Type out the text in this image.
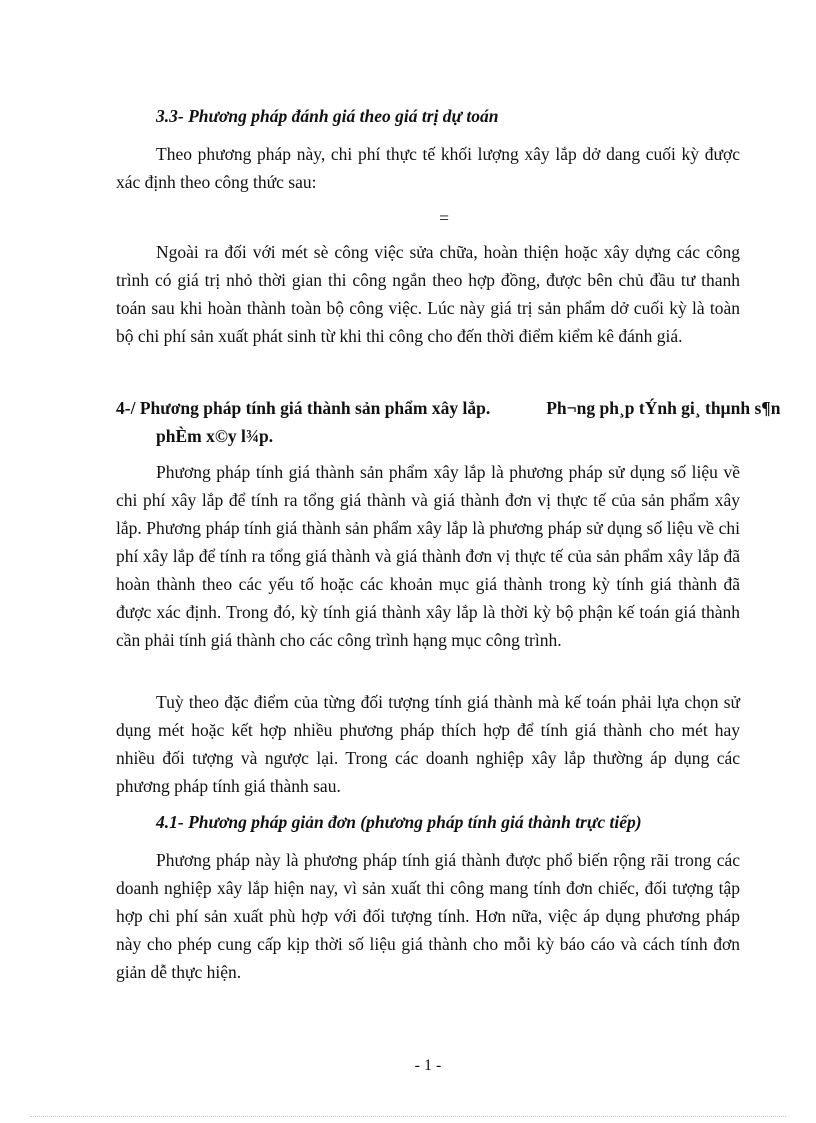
3.3- Phương pháp đánh giá theo giá trị dự toán

Theo phương pháp này, chi phí thực tế khối lượng xây lắp dở dang cuối kỳ được xác định theo công thức sau:

=

Ngoài ra đối với mét sè công việc sửa chữa, hoàn thiện hoặc xây dựng các công trình có giá trị nhỏ thời gian thi công ngắn theo hợp đồng, được bên chủ đầu tư thanh toán sau khi hoàn thành toàn bộ công việc. Lúc này giá trị sản phẩm dở cuối kỳ là toàn bộ chi phí sản xuất phát sinh từ khi thi công cho đến thời điểm kiểm kê đánh giá.

4-/ Phương pháp tính giá thành sản phẩm xây lắp.	Ph¬ng ph¸p tÝnh gi¸ thµnh s¶n phÈm x©y l¾p.

Phương pháp tính giá thành sản phẩm xây lắp là phương pháp sử dụng số liệu về chi phí xây lắp để tính ra tổng giá thành và giá thành đơn vị thực tế của sản phẩm xây lắp. Phương pháp tính giá thành sản phẩm xây lắp là phương pháp sử dụng số liệu về chi phí xây lắp để tính ra tổng giá thành và giá thành đơn vị thực tế của sản phẩm xây lắp đã hoàn thành theo các yếu tố hoặc các khoản mục giá thành trong kỳ tính giá thành đã được xác định. Trong đó, kỳ tính giá thành xây lắp là thời kỳ bộ phận kế toán giá thành cần phải tính giá thành cho các công trình hạng mục công trình.

Tuỳ theo đặc điểm của từng đối tượng tính giá thành mà kế toán phải lựa chọn sử dụng mét hoặc kết hợp nhiều phương pháp thích hợp để tính giá thành cho mét hay nhiều đối tượng và ngược lại. Trong các doanh nghiệp xây lắp thường áp dụng các phương pháp tính giá thành sau.

4.1- Phương pháp giản đơn (phương pháp tính giá thành trực tiếp)

Phương pháp này là phương pháp tính giá thành được phổ biến rộng rãi trong các doanh nghiệp xây lắp hiện nay, vì sản xuất thi công mang tính đơn chiếc, đối tượng tập hợp chi phí sản xuất phù hợp với đối tượng tính. Hơn nữa, việc áp dụng phương pháp này cho phép cung cấp kịp thời số liệu giá thành cho mỗi kỳ báo cáo và cách tính đơn giản dễ thực hiện.

- 1 -
